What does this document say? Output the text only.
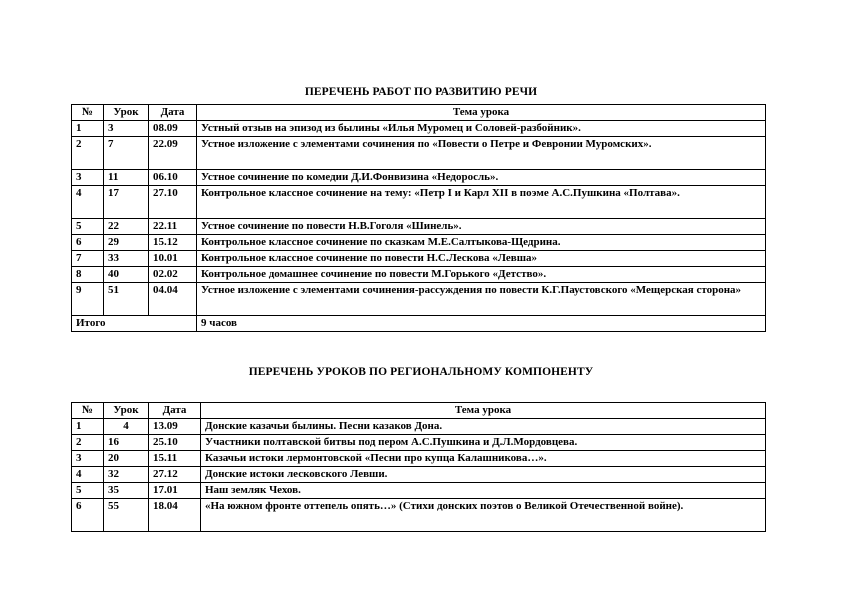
ПЕРЕЧЕНЬ РАБОТ ПО РАЗВИТИЮ РЕЧИ
№	Урок	Дата	Тема урока
1	3	08.09	Устный отзыв на эпизод из былины «Илья Муромец и Соловей-разбойник».
2	7	22.09	Устное изложение с элементами сочинения по «Повести о Петре и Февронии Муромских».
3	11	06.10	Устное сочинение по комедии Д.И.Фонвизина «Недоросль».
4	17	27.10	Контрольное классное сочинение на тему: «Петр I и Карл XII в поэме А.С.Пушкина «Полтава».
5	22	22.11	Устное сочинение по повести Н.В.Гоголя «Шинель».
6	29	15.12	Контрольное классное сочинение по сказкам М.Е.Салтыкова-Щедрина.
7	33	10.01	Контрольное классное сочинение по повести Н.С.Лескова «Левша»
8	40	02.02	Контрольное домашнее сочинение по повести М.Горького «Детство».
9	51	04.04	Устное изложение с элементами сочинения-рассуждения по повести К.Г.Паустовского «Мещерская сторона»
Итого			9 часов
ПЕРЕЧЕНЬ УРОКОВ ПО РЕГИОНАЛЬНОМУ КОМПОНЕНТУ
№	Урок	Дата	Тема урока
1	4	13.09	Донские казачьи былины. Песни казаков Дона.
2	16	25.10	Участники полтавской битвы под пером А.С.Пушкина и Д.Л.Мордовцева.
3	20	15.11	Казачьи истоки лермонтовской «Песни про купца Калашникова…».
4	32	27.12	Донские истоки лесковского Левши.
5	35	17.01	Наш земляк Чехов.
6	55	18.04	«На южном фронте оттепель опять…» (Стихи донских поэтов о Великой Отечественной войне).
